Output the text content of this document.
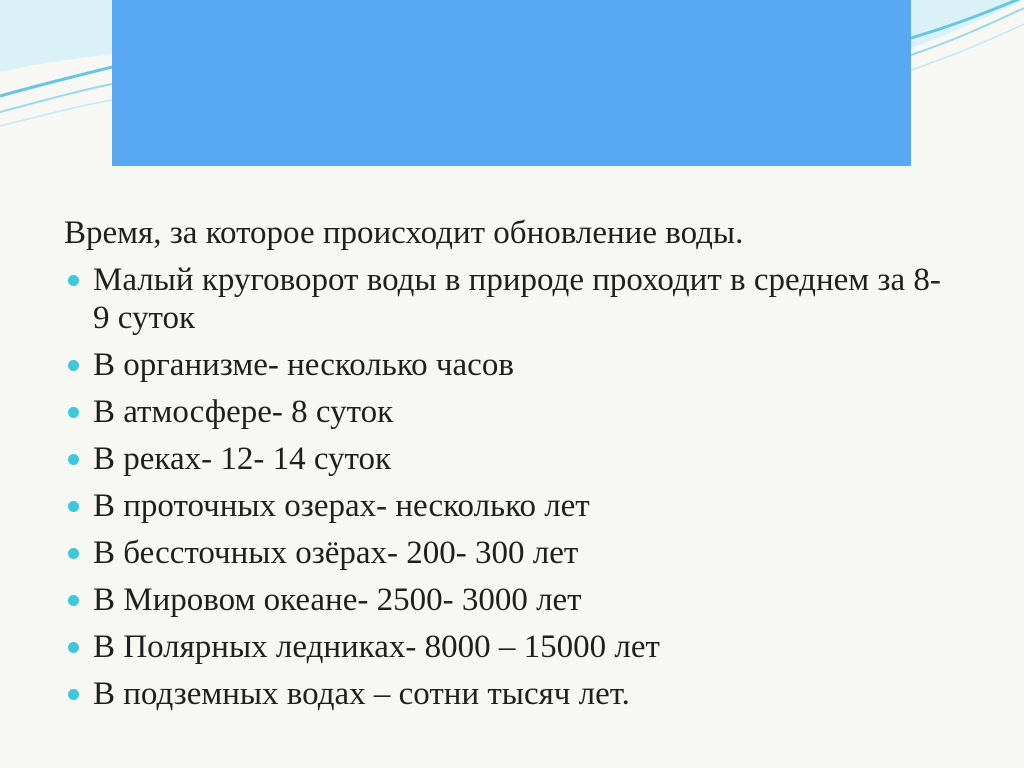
Время, за которое происходит обновление воды.
Малый круговорот воды в природе проходит в среднем за 8- 9 суток
В организме- несколько часов
В атмосфере- 8 суток
В реках- 12- 14 суток
В проточных озерах- несколько лет
В бессточных озёрах- 200- 300 лет
В Мировом океане- 2500- 3000 лет
В Полярных ледниках- 8000 – 15000 лет
В подземных водах – сотни тысяч лет.
